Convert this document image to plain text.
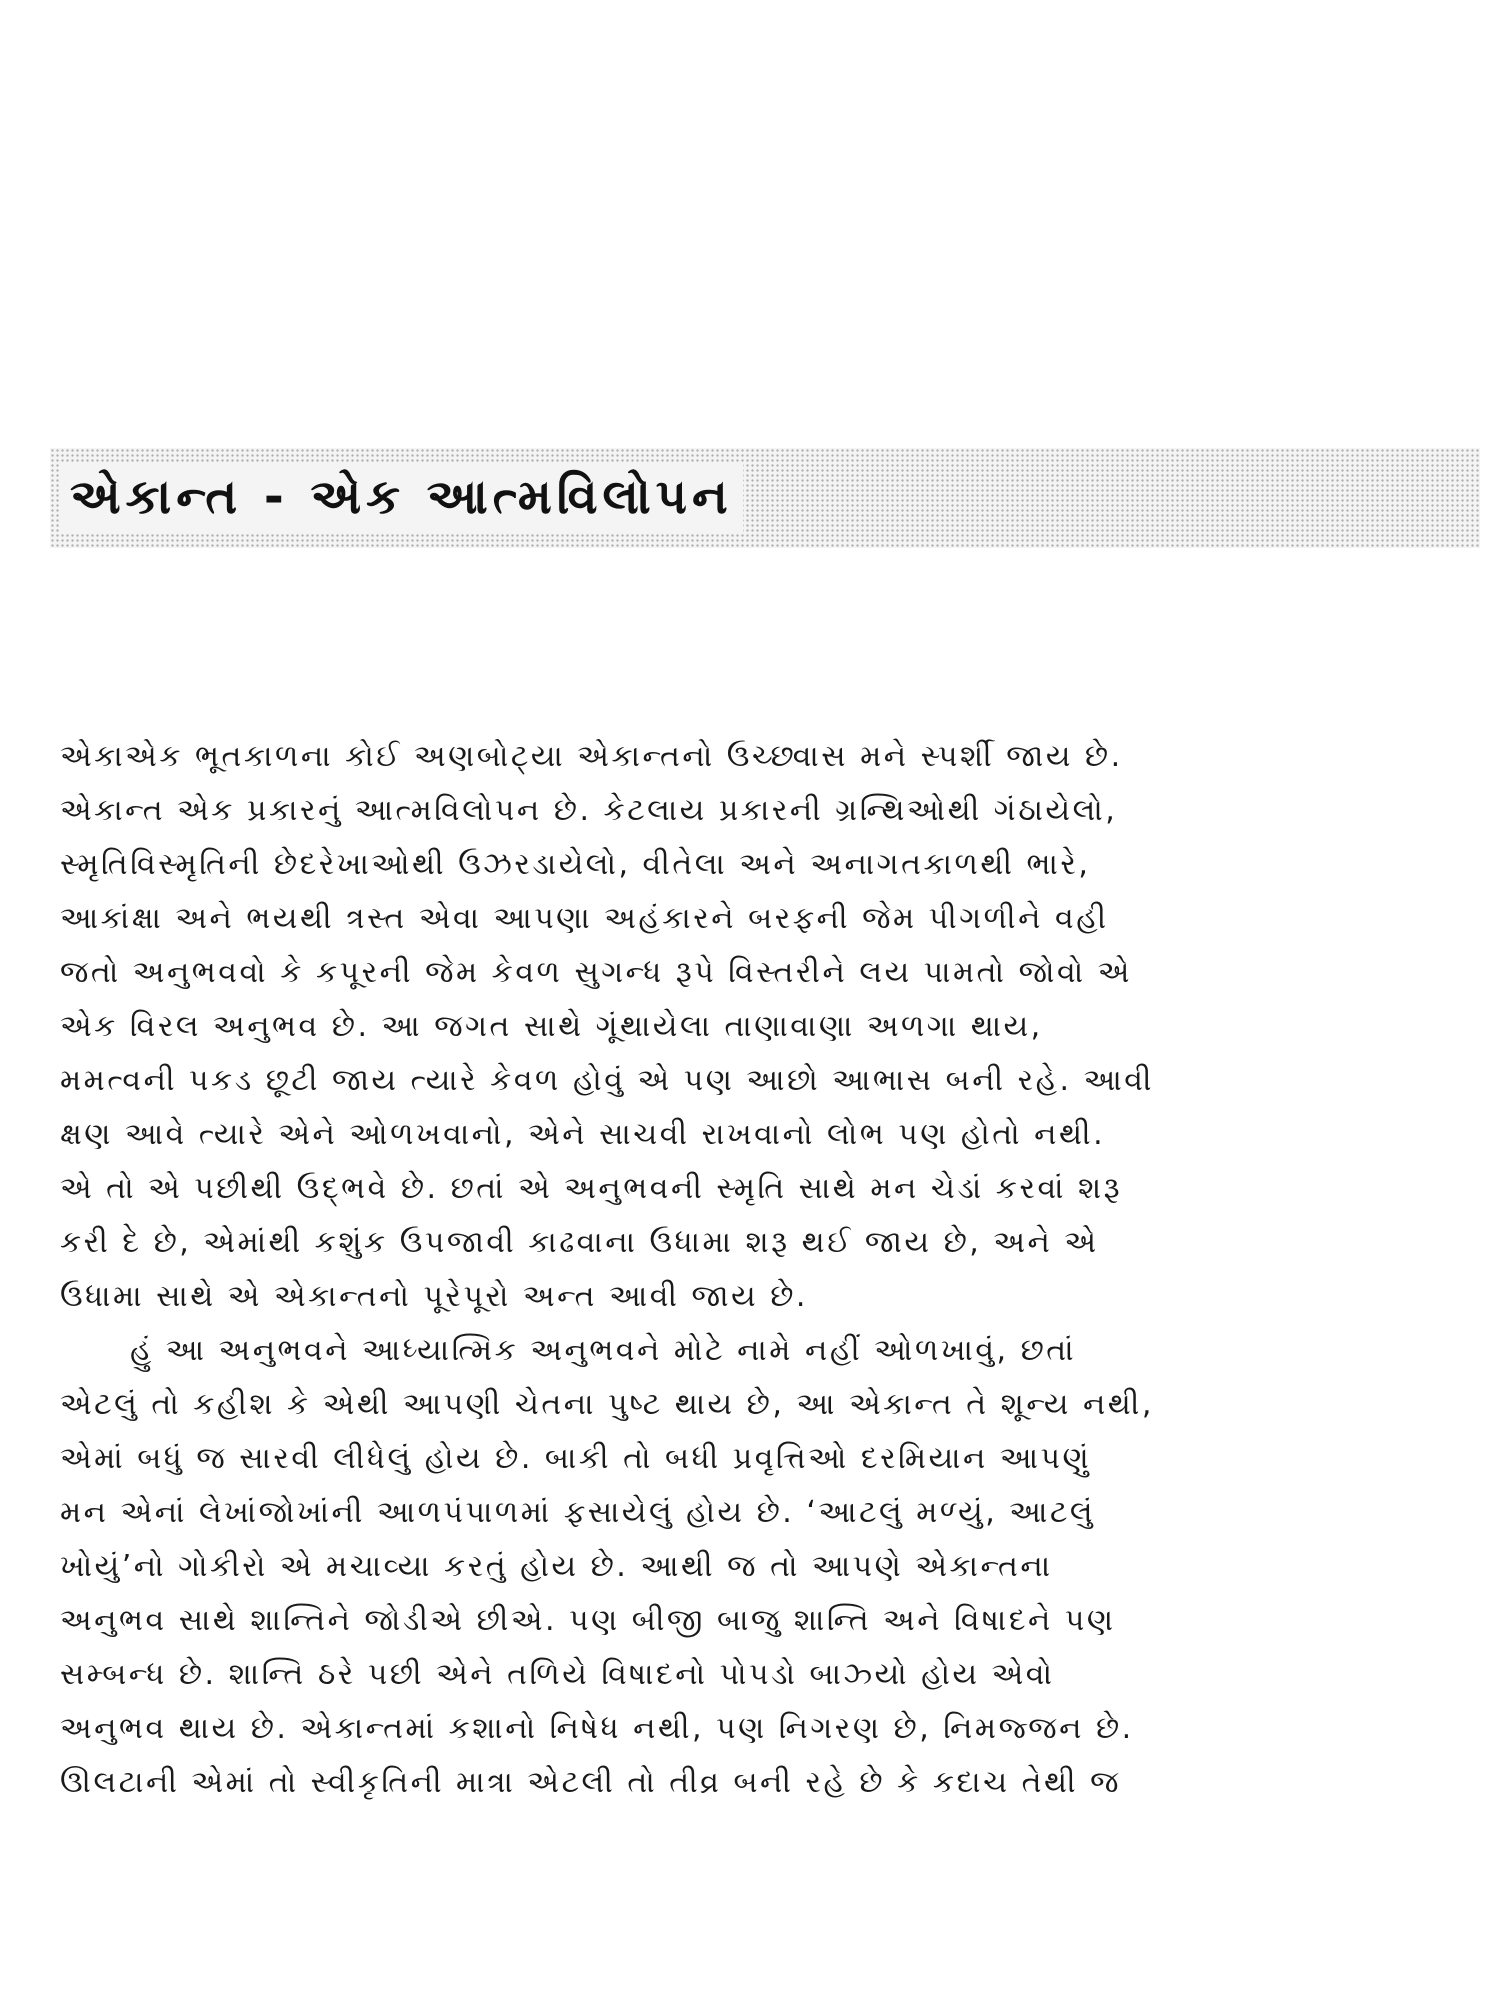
એકાન્ત - એક આત્મવિલોપન

એકાએક ભૂતકાળના કોઈ અણબોટ્યા એકાન્તનો ઉચ્છ્વાસ મને સ્પર્શી જાય છે.
એકાન્ત એક પ્રકારનું આત્મવિલોપન છે. કેટલાય પ્રકારની ગ્રન્થિઓથી ગંઠાયેલો,
સ્મૃતિવિસ્મૃતિની છેદરેખાઓથી ઉઝરડાયેલો, વીતેલા અને અનાગતકાળથી ભારે,
આકાંક્ષા અને ભયથી ત્રસ્ત એવા આપણા અહંકારને બરફની જેમ પીગળીને વહી
જતો અનુભવવો કે કપૂરની જેમ કેવળ સુગન્ધ રૂપે વિસ્તરીને લય પામતો જોવો એ
એક વિરલ અનુભવ છે. આ જગત સાથે ગૂંથાયેલા તાણાવાણા અળગા થાય,
મમત્વની પકડ છૂટી જાય ત્યારે કેવળ હોવું એ પણ આછો આભાસ બની રહે. આવી
ક્ષણ આવે ત્યારે એને ઓળખવાનો, એને સાચવી રાખવાનો લોભ પણ હોતો નથી.
એ તો એ પછીથી ઉદ્ભવે છે. છતાં એ અનુભવની સ્મૃતિ સાથે મન ચેડાં કરવાં શરૂ
કરી દે છે, એમાંથી કશુંક ઉપજાવી કાઢવાના ઉધામા શરૂ થઈ જાય છે, અને એ
ઉધામા સાથે એ એકાન્તનો પૂરેપૂરો અન્ત આવી જાય છે.

હું આ અનુભવને આધ્યાત્મિક અનુભવને મોટે નામે નહીં ઓળખાવું, છતાં
એટલું તો કહીશ કે એથી આપણી ચેતના પુષ્ટ થાય છે, આ એકાન્ત તે શૂન્ય નથી,
એમાં બધું જ સારવી લીધેલું હોય છે. બાકી તો બધી પ્રવૃત્તિઓ દરમિયાન આપણું
મન એનાં લેખાંજોખાંની આળપંપાળમાં ફસાયેલું હોય છે. ‘આટલું મળ્યું, આટલું
ખોયું’નો ગોકીરો એ મચાવ્યા કરતું હોય છે. આથી જ તો આપણે એકાન્તના
અનુભવ સાથે શાન્તિને જોડીએ છીએ. પણ બીજી બાજુ શાન્તિ અને વિષાદને પણ
સમ્બન્ધ છે. શાન્તિ ઠરે પછી એને તળિયે વિષાદનો પોપડો બાઝ્યો હોય એવો
અનુભવ થાય છે. એકાન્તમાં કશાનો નિષેધ નથી, પણ નિગરણ છે, નિમજ્જન છે.
ઊલટાની એમાં તો સ્વીકૃતિની માત્રા એટલી તો તીવ્ર બની રહે છે કે કદાચ તેથી જ
